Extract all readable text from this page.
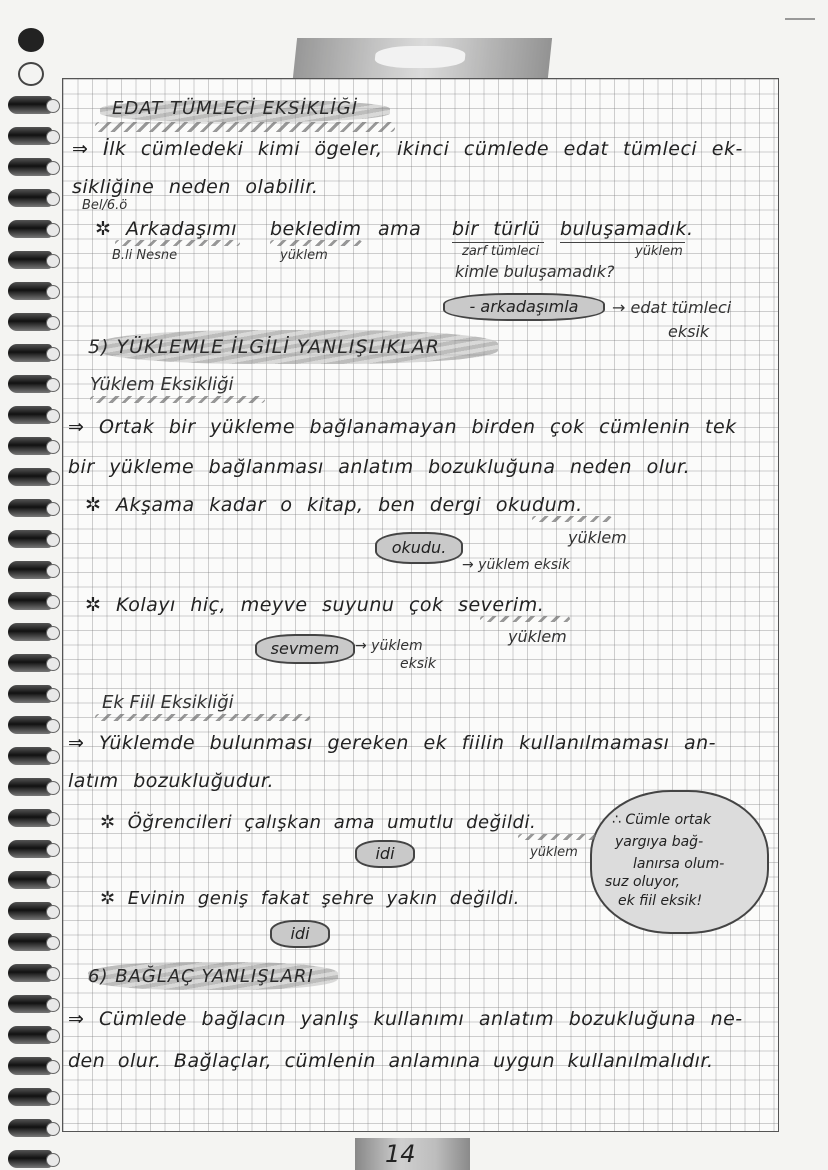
EDAT TÜMLECİ EKSİKLİĞİ
⇒ İlk cümledeki kimi ögeler, ikinci cümlede edat tümleci ek-
sikliğine neden olabilir.
Bel/6.ö
✲ Arkadaşımı bekledim ama bir türlü buluşamadık.
B.li Nesne	yüklem	zarf tümleci	yüklem
kimle buluşamadık?
- arkadaşımla	→ edat tümleci
eksik
5) YÜKLEMLE İLGİLİ YANLIŞLIKLAR
Yüklem Eksikliği
⇒ Ortak bir yükleme bağlanamayan birden çok cümlenin tek
bir yükleme bağlanması anlatım bozukluğuna neden olur.
✲ Akşama kadar o kitap, ben dergi okudum.
yüklem
okudu.
→ yüklem eksik
✲ Kolayı hiç, meyve suyunu çok severim.
yüklem
sevmem	→ yüklem
eksik
Ek Fiil Eksikliği
⇒ Yüklemde bulunması gereken ek fiilin kullanılmaması an-
latım bozukluğudur.
∴ Cümle ortak
yargıya bağ-
lanırsa olum-
suz oluyor,
ek fiil eksik!
✲ Öğrencileri çalışkan ama umutlu değildi.
yüklem
idi
✲ Evinin geniş fakat şehre yakın değildi.
idi
6) BAĞLAÇ YANLIŞLARI
⇒ Cümlede bağlacın yanlış kullanımı anlatım bozukluğuna ne-
den olur. Bağlaçlar, cümlenin anlamına uygun kullanılmalıdır.
14
